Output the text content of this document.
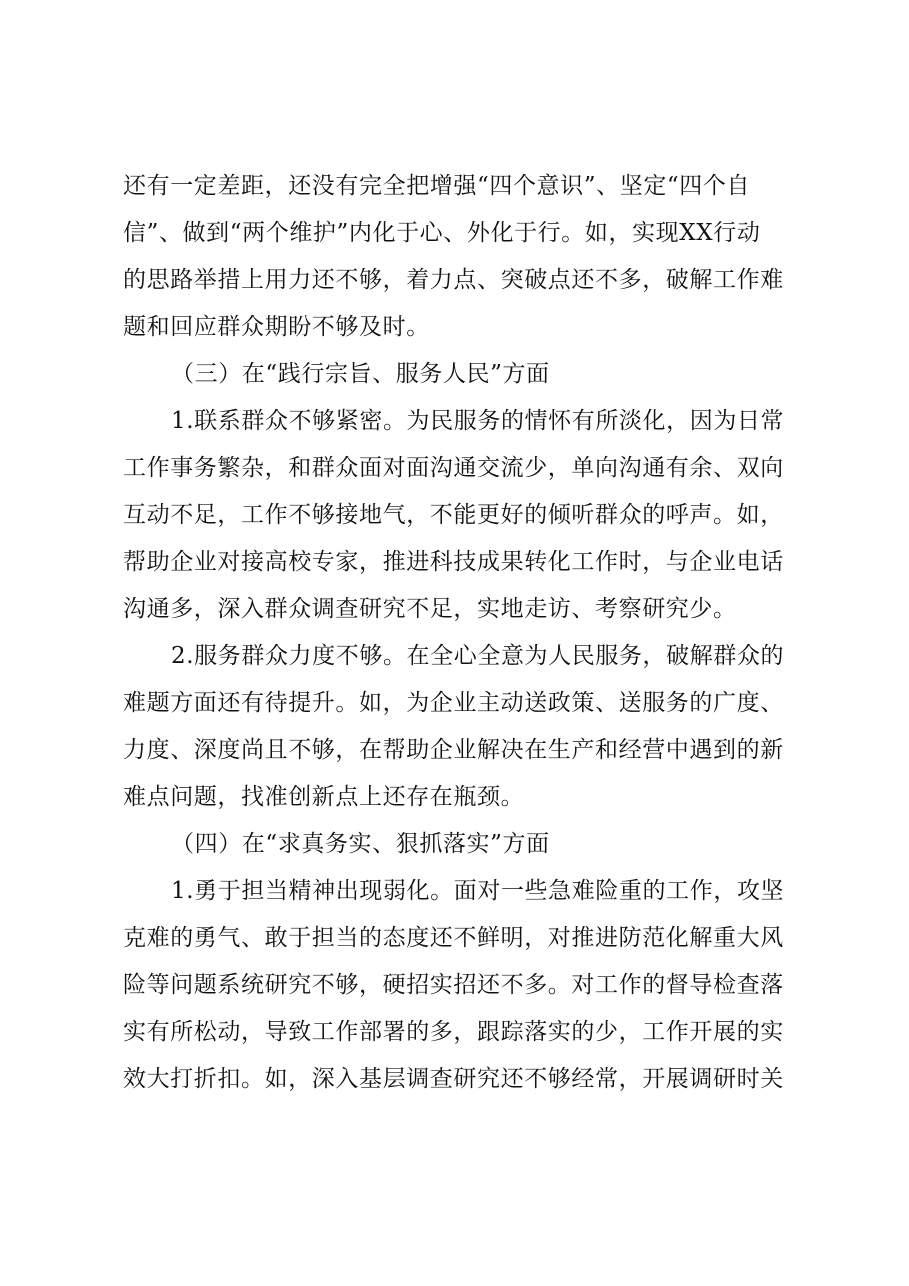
还有一定差距，还没有完全把增强“四个意识”、坚定“四个自
信”、做到“两个维护”内化于心、外化于行。如，实现XX行动
的思路举措上用力还不够，着力点、突破点还不多，破解工作难
题和回应群众期盼不够及时。
（三）在“践行宗旨、服务人民”方面
1.联系群众不够紧密。为民服务的情怀有所淡化，因为日常
工作事务繁杂，和群众面对面沟通交流少，单向沟通有余、双向
互动不足，工作不够接地气，不能更好的倾听群众的呼声。如，
帮助企业对接高校专家，推进科技成果转化工作时，与企业电话
沟通多，深入群众调查研究不足，实地走访、考察研究少。
2.服务群众力度不够。在全心全意为人民服务，破解群众的
难题方面还有待提升。如，为企业主动送政策、送服务的广度、
力度、深度尚且不够，在帮助企业解决在生产和经营中遇到的新
难点问题，找准创新点上还存在瓶颈。
（四）在“求真务实、狠抓落实”方面
1.勇于担当精神出现弱化。面对一些急难险重的工作，攻坚
克难的勇气、敢于担当的态度还不鲜明，对推进防范化解重大风
险等问题系统研究不够，硬招实招还不多。对工作的督导检查落
实有所松动，导致工作部署的多，跟踪落实的少，工作开展的实
效大打折扣。如，深入基层调查研究还不够经常，开展调研时关
